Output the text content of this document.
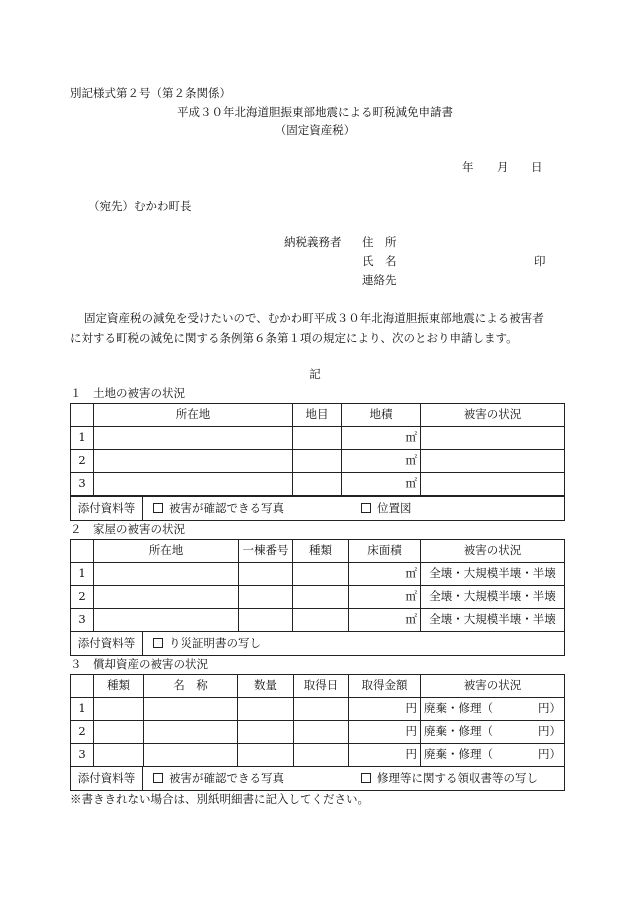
別記様式第２号（第２条関係）
平成３０年北海道胆振東部地震による町税減免申請書
（固定資産税）
年 月 日
（宛先）むかわ町長
納税義務者 住　所
氏　名	印
連絡先
固定資産税の減免を受けたいので、むかわ町平成３０年北海道胆振東部地震による被害者
に対する町税の減免に関する条例第６条第１項の規定により、次のとおり申請します。
記
１　土地の被害の状況
	所在地	地目	地積	被害の状況
1			㎡	
2			㎡	
3			㎡	
添付資料等	被害が確認できる写真	位置図
２　家屋の被害の状況
	所在地	一棟番号	種類	床面積	被害の状況
1				㎡	全壊・大規模半壊・半壊
2				㎡	全壊・大規模半壊・半壊
3				㎡	全壊・大規模半壊・半壊
添付資料等	り災証明書の写し
３　償却資産の被害の状況
	種類	名　称	数量	取得日	取得金額	被害の状況
1					円	廃棄・修理（ 円）

2					円	廃棄・修理（ 円）

3					円	廃棄・修理（ 円）
添付資料等	被害が確認できる写真	修理等に関する領収書等の写し
※書ききれない場合は、別紙明細書に記入してください。
